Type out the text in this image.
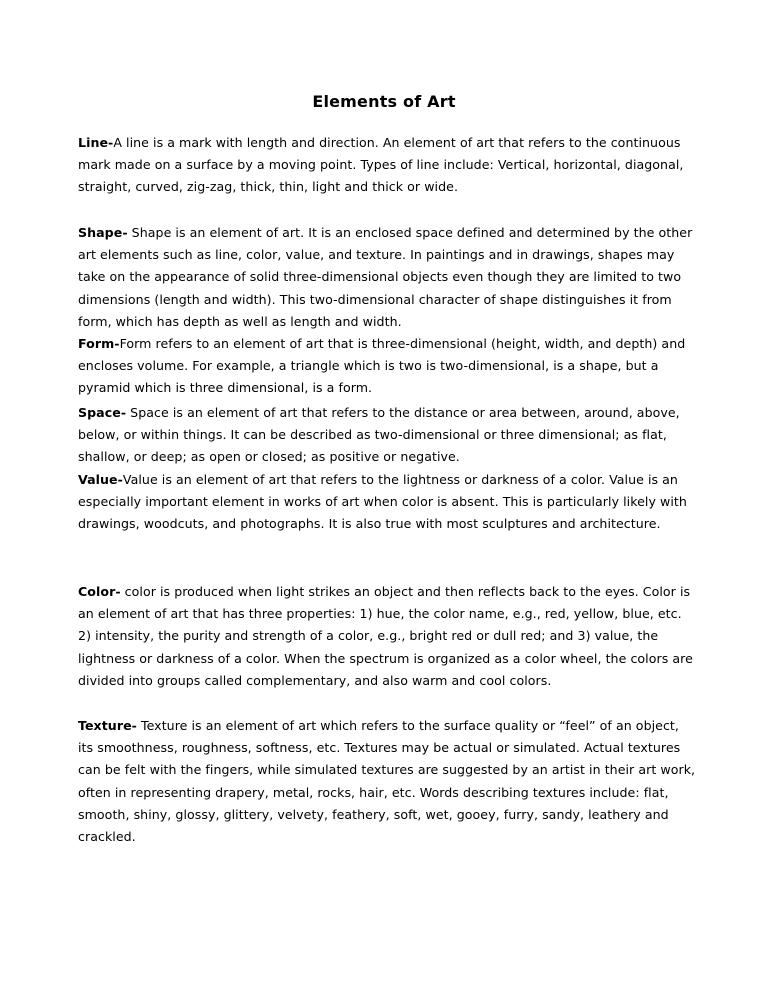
Elements of Art

Line-A line is a mark with length and direction. An element of art that refers to the continuous mark made on a surface by a moving point. Types of line include: Vertical, horizontal, diagonal, straight, curved, zig-zag, thick, thin, light and thick or wide.

Shape- Shape is an element of art. It is an enclosed space defined and determined by the other art elements such as line, color, value, and texture. In paintings and in drawings, shapes may take on the appearance of solid three-dimensional objects even though they are limited to two dimensions (length and width). This two-dimensional character of shape distinguishes it from form, which has depth as well as length and width.

Form-Form refers to an element of art that is three-dimensional (height, width, and depth) and encloses volume. For example, a triangle which is two is two-dimensional, is a shape, but a pyramid which is three dimensional, is a form.

Space- Space is an element of art that refers to the distance or area between, around, above, below, or within things. It can be described as two-dimensional or three dimensional; as flat, shallow, or deep; as open or closed; as positive or negative.

Value-Value is an element of art that refers to the lightness or darkness of a color. Value is an especially important element in works of art when color is absent. This is particularly likely with drawings, woodcuts, and photographs. It is also true with most sculptures and architecture.

Color- color is produced when light strikes an object and then reflects back to the eyes. Color is an element of art that has three properties: 1) hue, the color name, e.g., red, yellow, blue, etc. 2) intensity, the purity and strength of a color, e.g., bright red or dull red; and 3) value, the lightness or darkness of a color. When the spectrum is organized as a color wheel, the colors are divided into groups called complementary, and also warm and cool colors.

Texture- Texture is an element of art which refers to the surface quality or “feel” of an object, its smoothness, roughness, softness, etc. Textures may be actual or simulated. Actual textures can be felt with the fingers, while simulated textures are suggested by an artist in their art work, often in representing drapery, metal, rocks, hair, etc. Words describing textures include: flat, smooth, shiny, glossy, glittery, velvety, feathery, soft, wet, gooey, furry, sandy, leathery and crackled.
